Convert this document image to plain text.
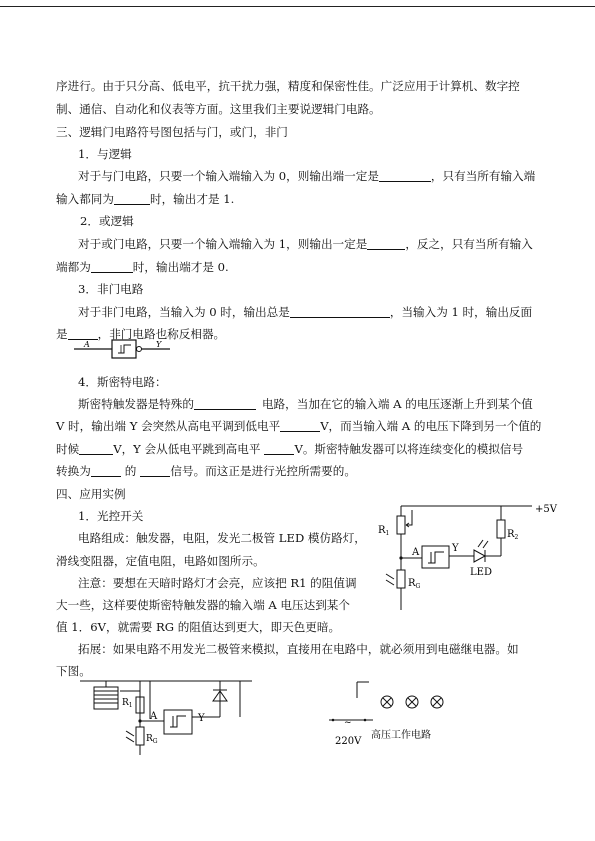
序进行。由于只分高、低电平，抗干扰力强，精度和保密性佳。广泛应用于计算机、数字控
制、通信、自动化和仪表等方面。这里我们主要说逻辑门电路。
三、逻辑门电路符号图包括与门，或门，非门
1．与逻辑
对于与门电路，只要一个输入端输入为 0，则输出端一定是	，只有当所有输入端
输入都同为	时，输出才是 1.
2．或逻辑
对于或门电路，只要一个输入端输入为 1，则输出一定是	，反之，只有当所有输入
端都为	时，输出端才是 0.
3．非门电路
对于非门电路，当输入为 0 时，输出总是	，当输入为 1 时，输出反面
是	，非门电路也称反相器。
A	Y
4．斯密特电路：
斯密特触发器是特殊的	电路，当加在它的输入端 A 的电压逐渐上升到某个值
V 时，输出端 Y 会突然从高电平调到低电平	V，而当输入端 A 的电压下降到另一个值的
时候	V，Y 会从低电平跳到高电平	V。斯密特触发器可以将连续变化的模拟信号
转换为	的	信号。而这正是进行光控所需要的。
四、应用实例
1．光控开关
电路组成：触发器，电阻，发光二极管 LED 模仿路灯，
滑线变阻器，定值电阻，电路如图所示。
注意：要想在天暗时路灯才会亮，应该把 R1 的阻值调
大一些，这样要使斯密特触发器的输入端 A 电压达到某个
值 1．6V，就需要 RG 的阻值达到更大，即天色更暗。
拓展：如果电路不用发光二极管来模拟，直接用在电路中，就必须用到电磁继电器。如
下图。
+5V
$R_1$	$R_2$
$R_G$
A	Y
LED
$R_1$
$R_G$
A	Y	~
220V
高压工作电路
